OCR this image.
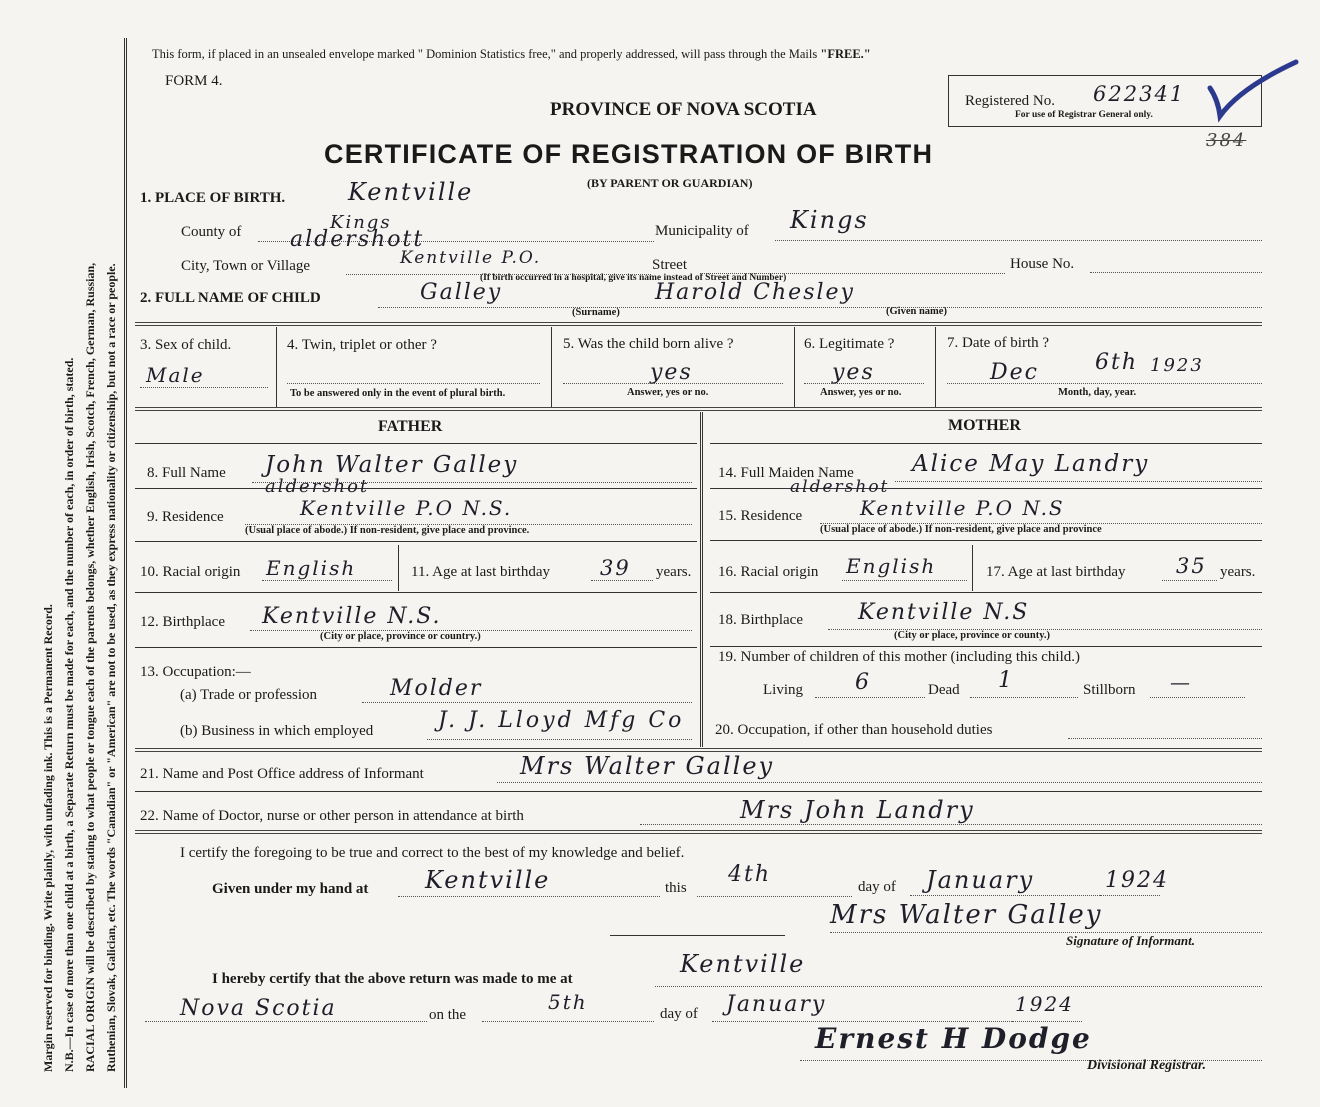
Margin reserved for binding. Write plainly, with unfading ink. This is a Permanent Record. N.B.—In case of more than one child at a birth, a Separate Return must be made for each, and the number of each, in order of birth, stated. RACIAL ORIGIN will be described by stating to what people or tongue each of the parents belongs, whether English, Irish, Scotch, French, German, Russian, Ruthenian, Slovak, Galician, etc. The words "Canadian" or "American" are not to be used, as they express nationality or citizenship, but not a race or people.
This form, if placed in an unsealed envelope marked " Dominion Statistics free," and properly addressed, will pass through the Mails "FREE."
FORM 4.
PROVINCE OF NOVA SCOTIA
CERTIFICATE OF REGISTRATION OF BIRTH
(BY PARENT OR GUARDIAN)
Registered No. 622341
For use of Registrar General only.
384
1. PLACE OF BIRTH.	Kentville
County of	Kings	Municipality of Kings
aldershott
City, Town or Village	Kentville P.O.	Street	House No.
(If birth occurred in a hospital, give its name instead of Street and Number)
2. FULL NAME OF CHILD	Galley	Harold Chesley
(Surname)	(Given name)
3. Sex of child.
Male
4. Twin, triplet or other ?
To be answered only in the event of plural birth.
5. Was the child born alive ?
yes
Answer, yes or no.
6. Legitimate ?
yes
Answer, yes or no.
7. Date of birth ?
Dec	6th 1923
Month, day, year.
FATHER	MOTHER
8. Full Name John Walter Galley
aldershot
9. Residence	Kentville P.O N.S.
(Usual place of abode.) If non-resident, give place and province.
10. Racial origin English	11. Age at last birthday 39 years.
12. Birthplace Kentville N.S.
(City or place, province or country.)
13. Occupation:—
(a) Trade or profession	Molder
(b) Business in which employed	J. J. Lloyd Mfg Co
14. Full Maiden Name	Alice May Landry
aldershot
15. Residence	Kentville P.O N.S
(Usual place of abode.) If non-resident, give place and province
16. Racial origin English	17. Age at last birthday 35 years.
18. Birthplace	Kentville N.S
(City or place, province or county.)
19. Number of children of this mother (including this child.)
Living 6	Dead 1	Stillborn —
20. Occupation, if other than household duties
21. Name and Post Office address of Informant	Mrs Walter Galley
22. Name of Doctor, nurse or other person in attendance at birth	Mrs John Landry
I certify the foregoing to be true and correct to the best of my knowledge and belief.
Given under my hand at Kentville	this
4th	day of January	1924
Mrs Walter Galley
Signature of Informant.
I hereby certify that the above return was made to me at
Kentville
Nova Scotia	on the
5th	day of January	1924
Ernest H Dodge
Divisional Registrar.
